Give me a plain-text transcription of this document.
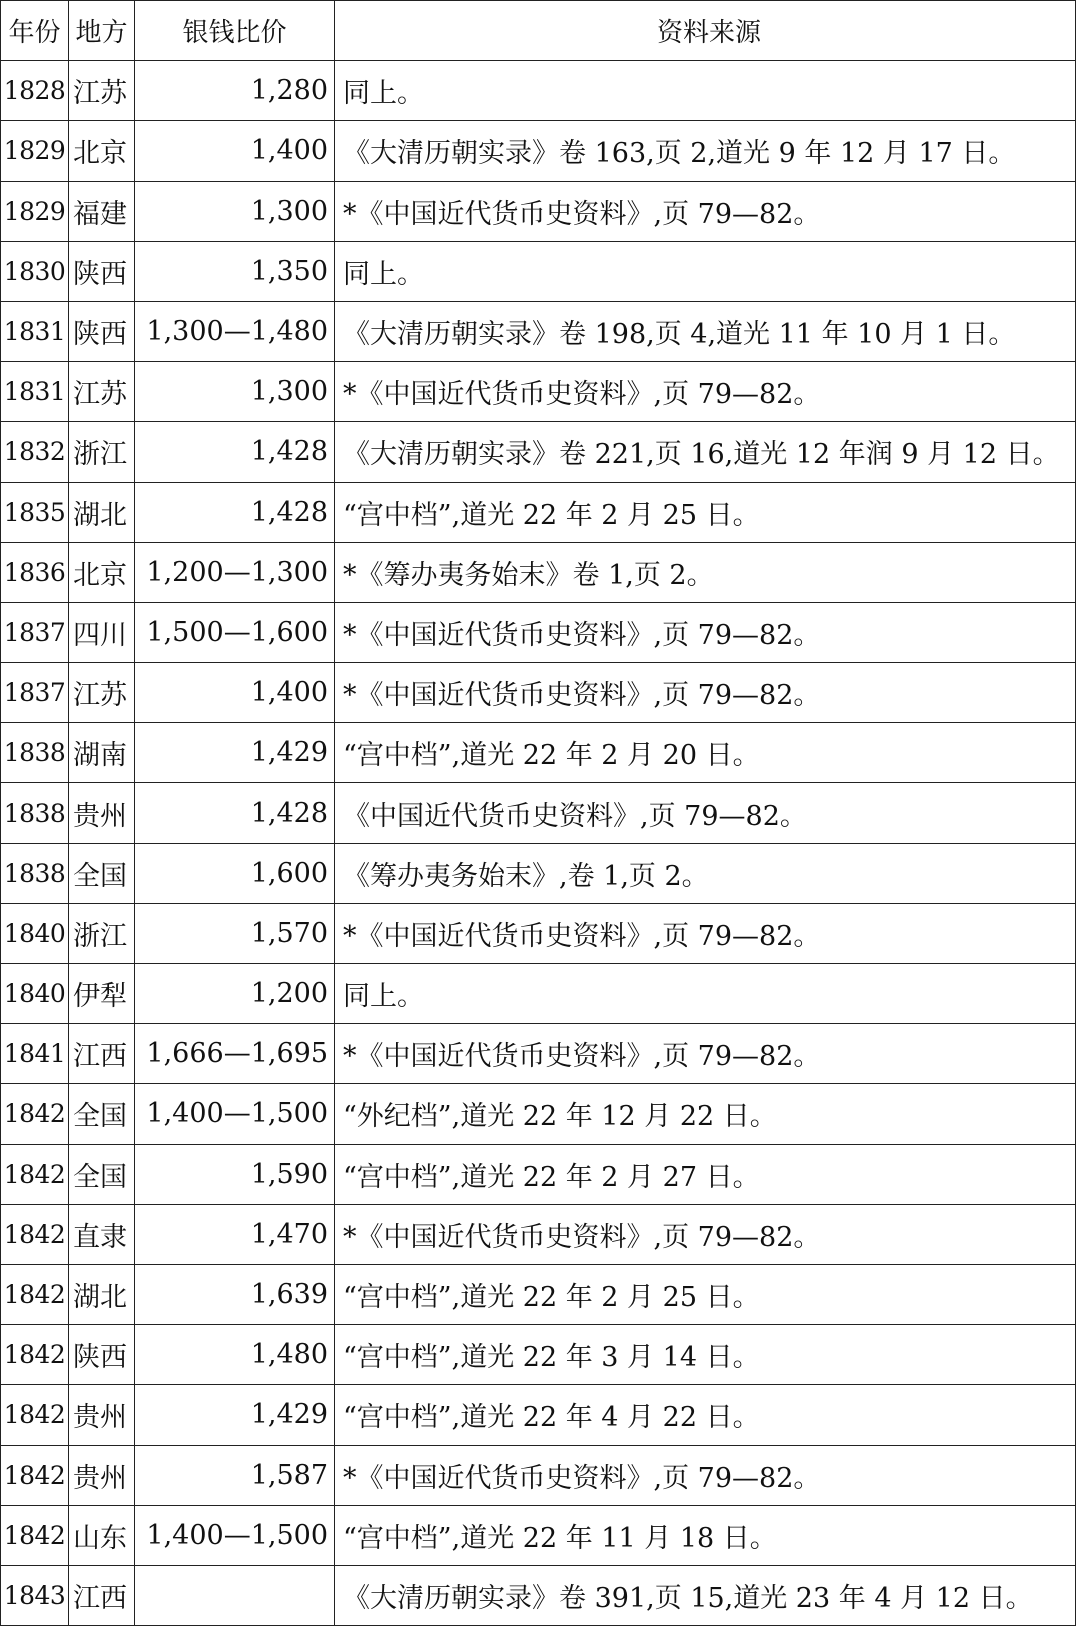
年份	地方	银钱比价	资料来源
1828	江苏	1,280	同上。
1829	北京	1,400	《大清历朝实录》卷 163,页 2,道光 9 年 12 月 17 日。
1829	福建	1,300	*《中国近代货币史资料》,页 79—82。
1830	陕西	1,350	同上。
1831	陕西	1,300—1,480	《大清历朝实录》卷 198,页 4,道光 11 年 10 月 1 日。
1831	江苏	1,300	*《中国近代货币史资料》,页 79—82。
1832	浙江	1,428	《大清历朝实录》卷 221,页 16,道光 12 年润 9 月 12 日。
1835	湖北	1,428	“宫中档”,道光 22 年 2 月 25 日。
1836	北京	1,200—1,300	*《筹办夷务始末》卷 1,页 2。
1837	四川	1,500—1,600	*《中国近代货币史资料》,页 79—82。
1837	江苏	1,400	*《中国近代货币史资料》,页 79—82。
1838	湖南	1,429	“宫中档”,道光 22 年 2 月 20 日。
1838	贵州	1,428	《中国近代货币史资料》,页 79—82。
1838	全国	1,600	《筹办夷务始末》,卷 1,页 2。
1840	浙江	1,570	*《中国近代货币史资料》,页 79—82。
1840	伊犁	1,200	同上。
1841	江西	1,666—1,695	*《中国近代货币史资料》,页 79—82。
1842	全国	1,400—1,500	“外纪档”,道光 22 年 12 月 22 日。
1842	全国	1,590	“宫中档”,道光 22 年 2 月 27 日。
1842	直隶	1,470	*《中国近代货币史资料》,页 79—82。
1842	湖北	1,639	“宫中档”,道光 22 年 2 月 25 日。
1842	陕西	1,480	“宫中档”,道光 22 年 3 月 14 日。
1842	贵州	1,429	“宫中档”,道光 22 年 4 月 22 日。
1842	贵州	1,587	*《中国近代货币史资料》,页 79—82。
1842	山东	1,400—1,500	“宫中档”,道光 22 年 11 月 18 日。
1843	江西		《大清历朝实录》卷 391,页 15,道光 23 年 4 月 12 日。
